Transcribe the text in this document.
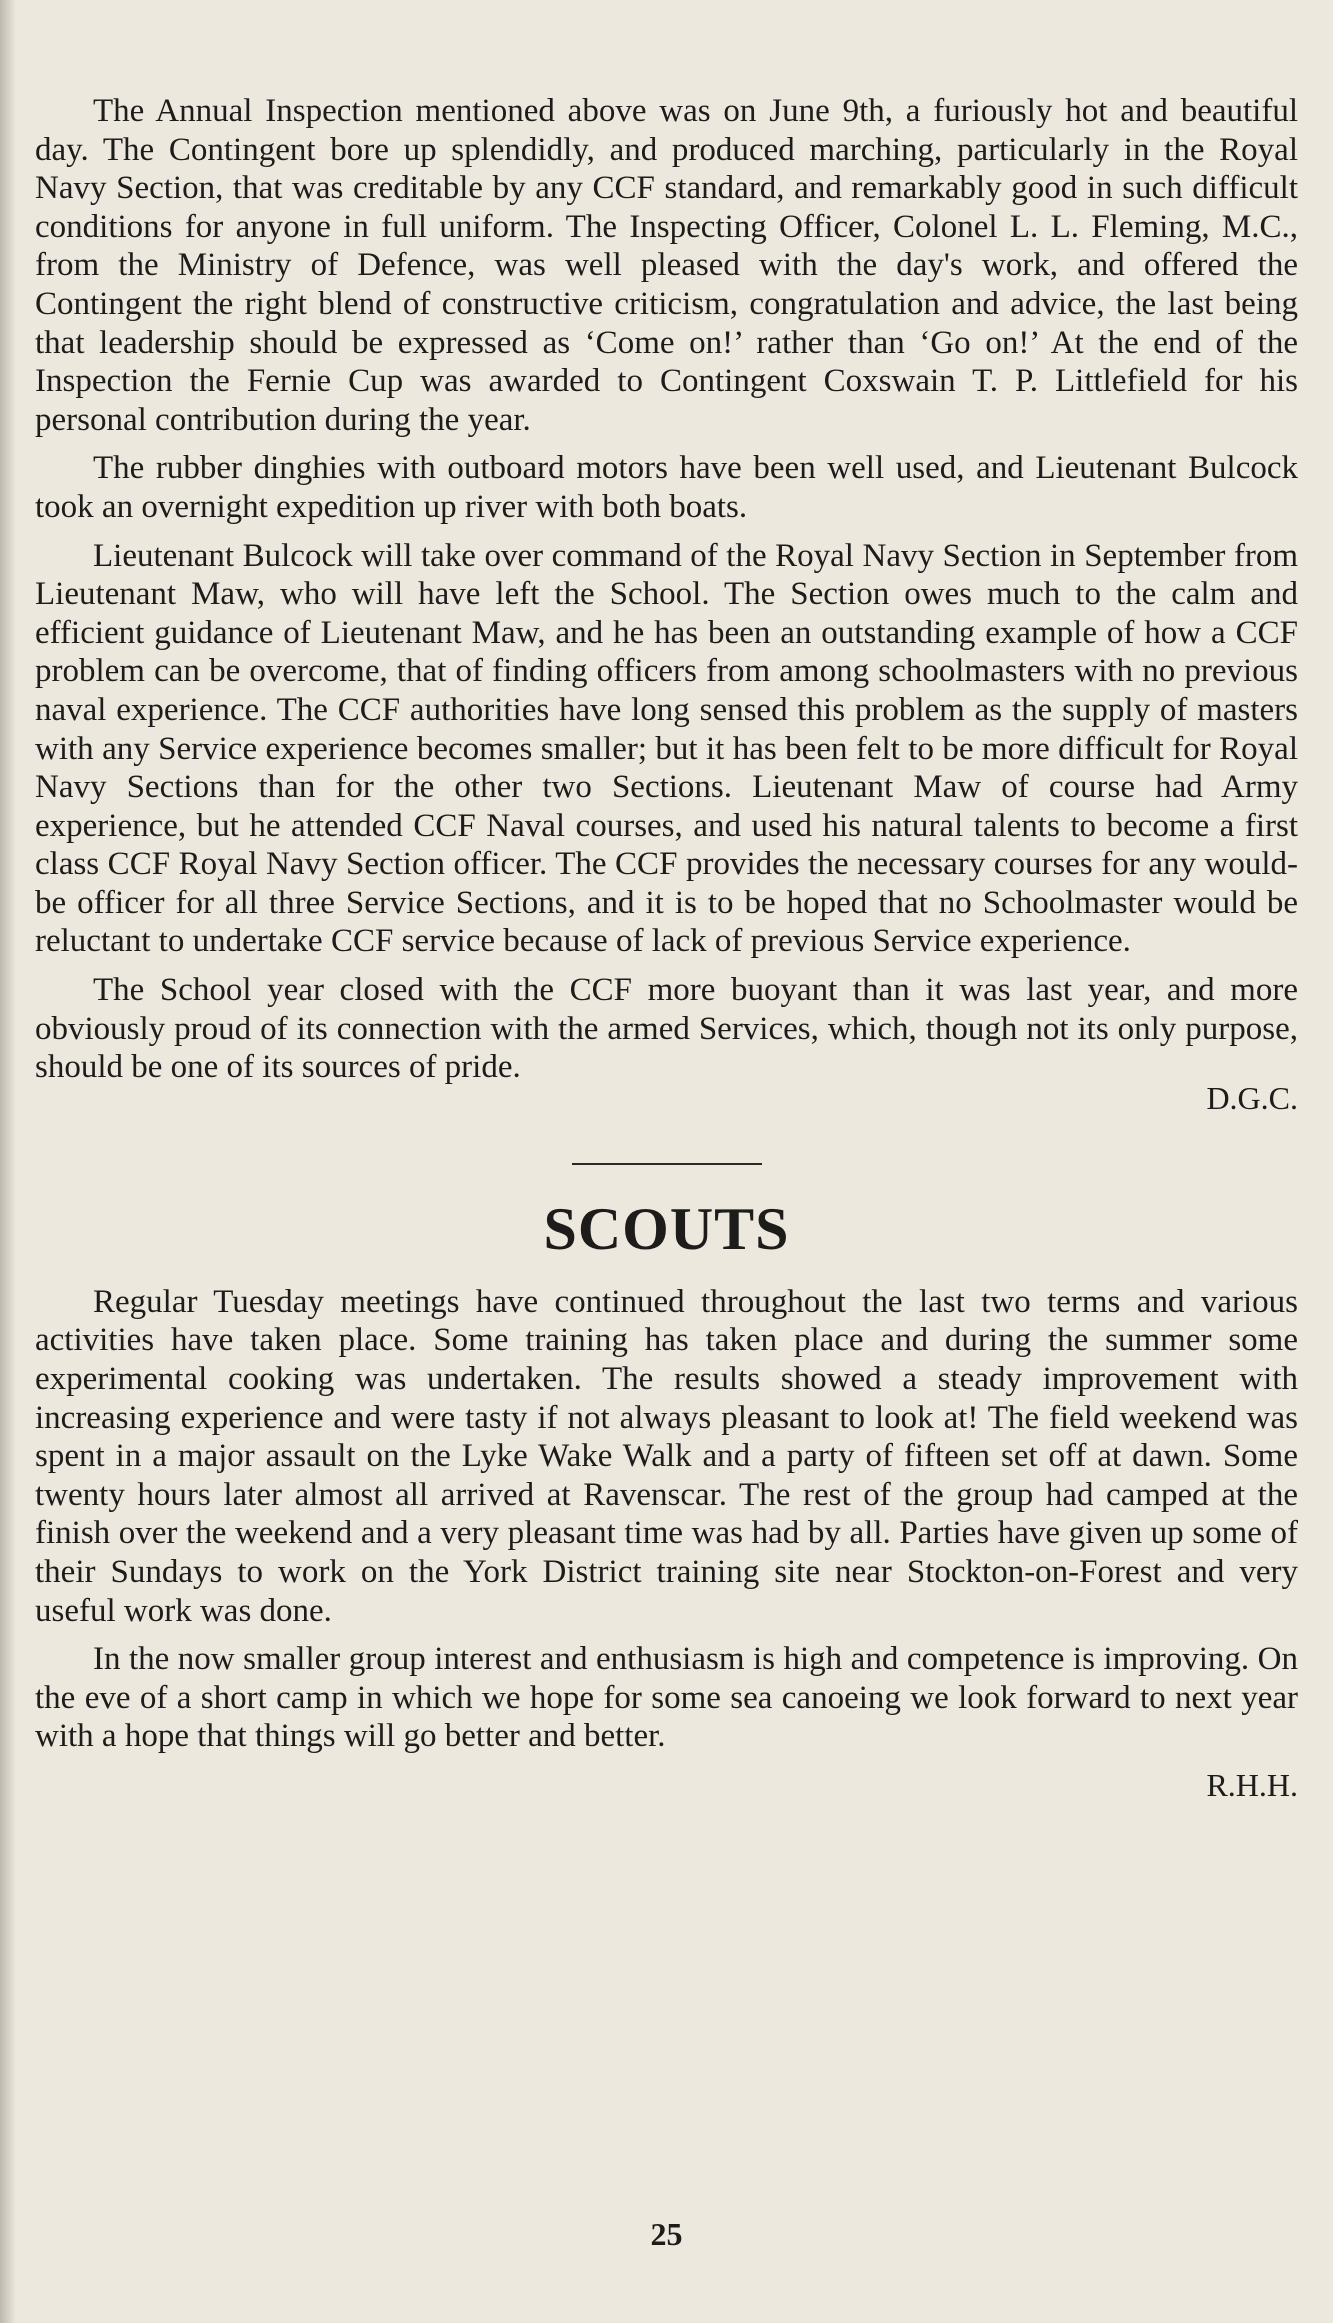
The Annual Inspection mentioned above was on June 9th, a furiously hot and beautiful day. The Contingent bore up splendidly, and produced marching, particularly in the Royal Navy Section, that was creditable by any CCF standard, and remarkably good in such difficult conditions for anyone in full uniform. The Inspecting Officer, Colonel L. L. Fleming, M.C., from the Ministry of Defence, was well pleased with the day's work, and offered the Contingent the right blend of constructive criticism, congratulation and advice, the last being that leadership should be expressed as ‘Come on!’ rather than ‘Go on!’ At the end of the Inspection the Fernie Cup was awarded to Contingent Coxswain T. P. Littlefield for his personal contribution during the year.

The rubber dinghies with outboard motors have been well used, and Lieutenant Bulcock took an overnight expedition up river with both boats.

Lieutenant Bulcock will take over command of the Royal Navy Section in September from Lieutenant Maw, who will have left the School. The Section owes much to the calm and efficient guidance of Lieutenant Maw, and he has been an outstanding example of how a CCF problem can be overcome, that of finding officers from among schoolmasters with no previous naval experience. The CCF authorities have long sensed this problem as the supply of masters with any Service experience becomes smaller; but it has been felt to be more difficult for Royal Navy Sections than for the other two Sections. Lieutenant Maw of course had Army experience, but he attended CCF Naval courses, and used his natural talents to become a first class CCF Royal Navy Section officer. The CCF provides the necessary courses for any would-be officer for all three Service Sections, and it is to be hoped that no Schoolmaster would be reluctant to undertake CCF service because of lack of previous Service experience.

The School year closed with the CCF more buoyant than it was last year, and more obviously proud of its connection with the armed Services, which, though not its only purpose, should be one of its sources of pride.

D.G.C.

SCOUTS

Regular Tuesday meetings have continued throughout the last two terms and various activities have taken place. Some training has taken place and during the summer some experimental cooking was undertaken. The results showed a steady improvement with increasing experience and were tasty if not always pleasant to look at! The field weekend was spent in a major assault on the Lyke Wake Walk and a party of fifteen set off at dawn. Some twenty hours later almost all arrived at Ravenscar. The rest of the group had camped at the finish over the weekend and a very pleasant time was had by all. Parties have given up some of their Sundays to work on the York District training site near Stockton-on-Forest and very useful work was done.

In the now smaller group interest and enthusiasm is high and competence is improving. On the eve of a short camp in which we hope for some sea canoeing we look forward to next year with a hope that things will go better and better.

R.H.H.

25
